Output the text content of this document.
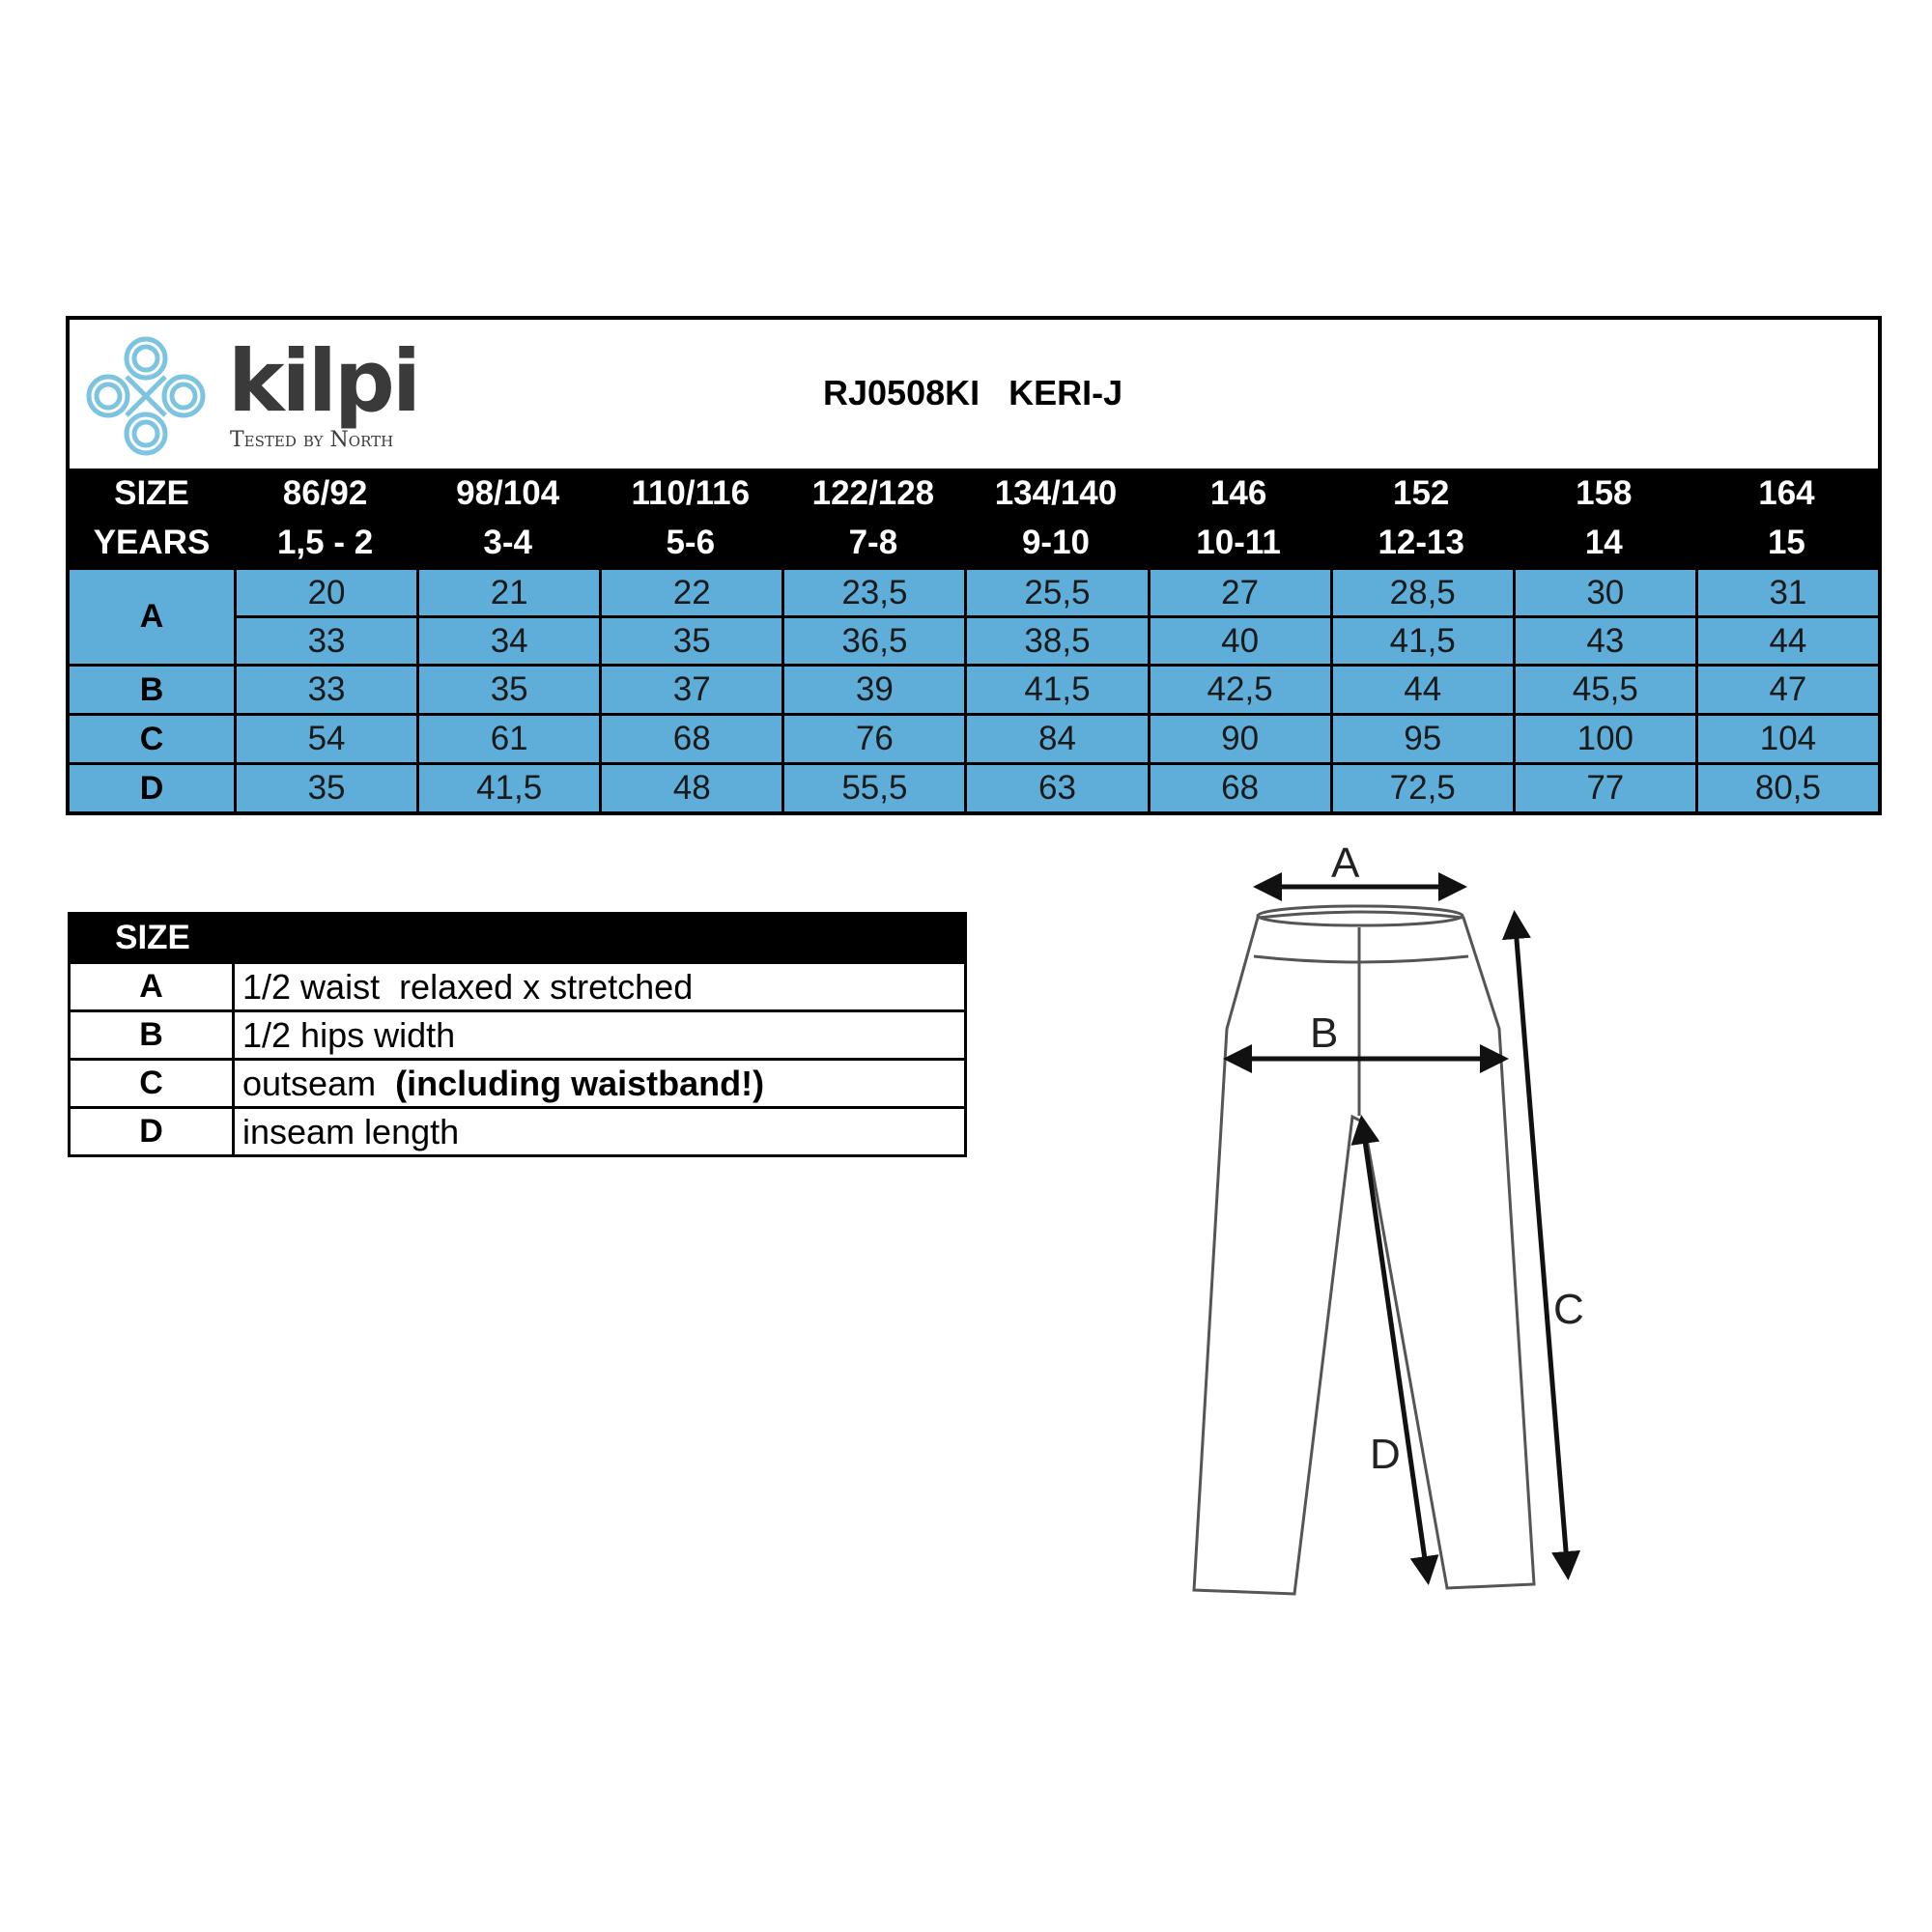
kilpi
Tested by North
RJ0508KI KERI-J
SIZE	86/92	98/104	110/116	122/128	134/140	146	152	158	164
YEARS	1,5 - 2	3-4	5-6	7-8	9-10	10-11	12-13	14	15
A
20	21	22	23,5	25,5	27	28,5	30	31
33	34	35	36,5	38,5	40	41,5	43	44
B	33	35	37	39	41,5	42,5	44	45,5	47
C	54	61	68	76	84	90	95	100	104
D	35	41,5	48	55,5	63	68	72,5	77	80,5
SIZE
A	1/2 waist  relaxed x stretched
B	1/2 hips width
C	outseam (including waistband!)
D	inseam length
A
B
C
D
